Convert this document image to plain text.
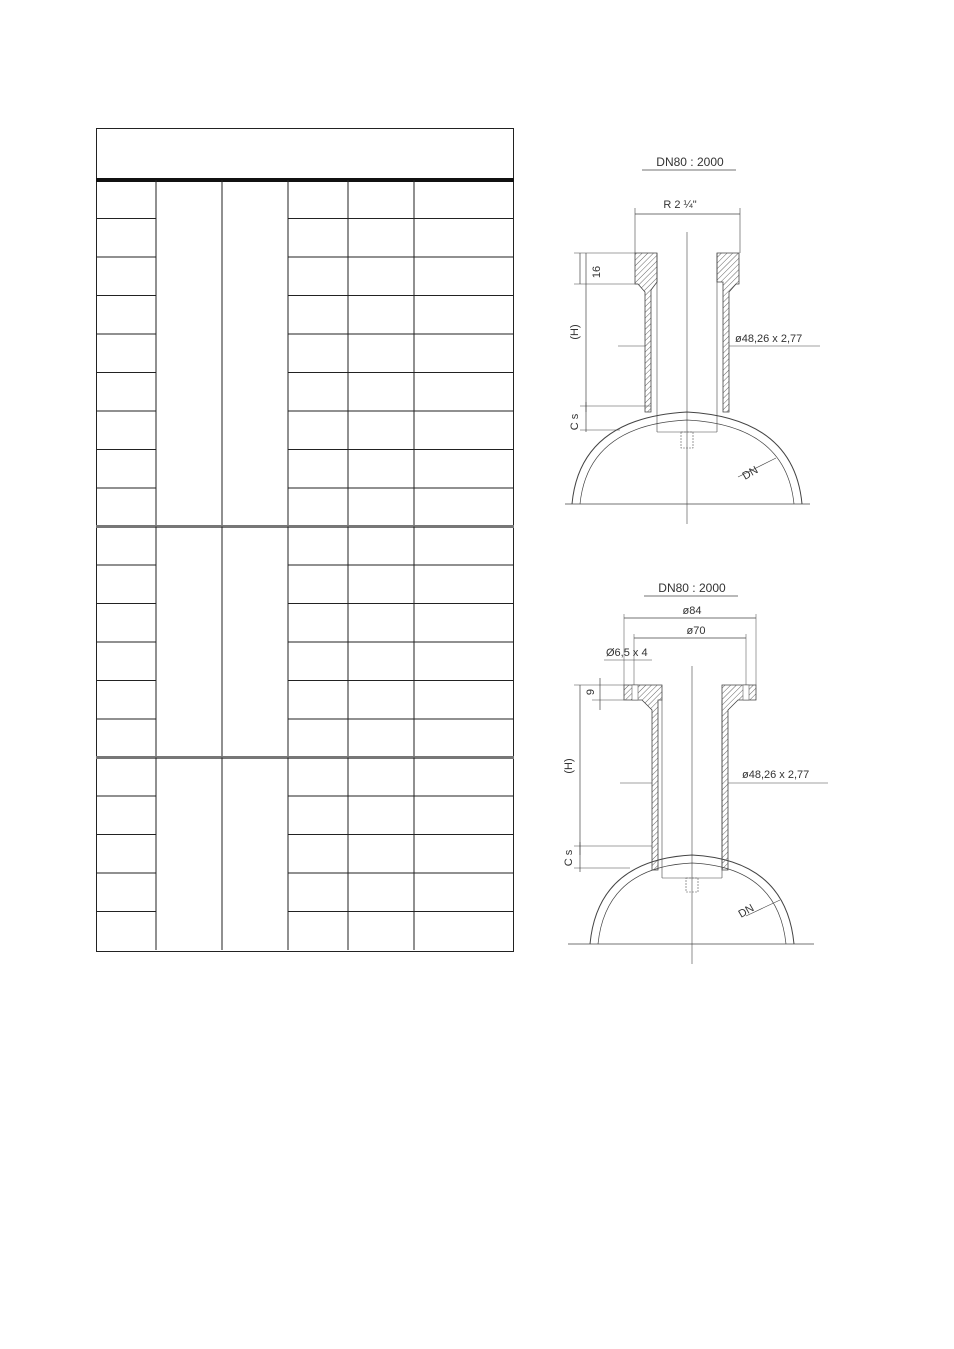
DN80 : 2000
R 2 ¼"
16
(H)	ø48,26 x 2,77
C s
DN
DN80 : 2000
ø84
ø70
Ø6,5 x 4
9
(H)
ø48,26 x 2,77
C s
DN
